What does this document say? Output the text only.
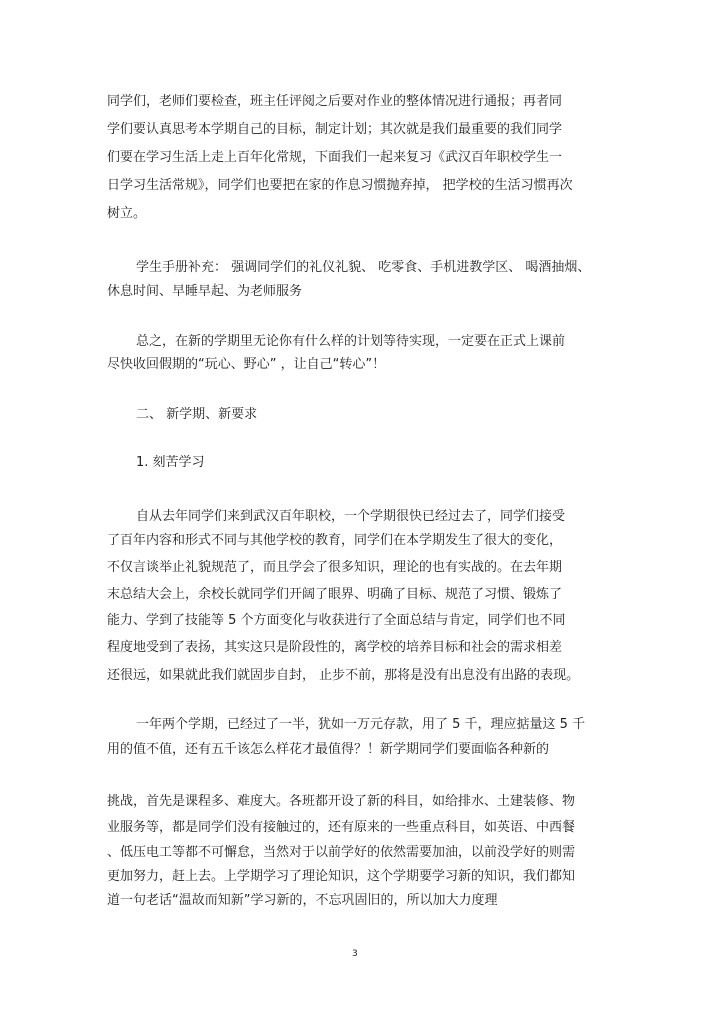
同学们，老师们要检查，班主任评阅之后要对作业的整体情况进行通报；再者同
学们要认真思考本学期自己的目标，制定计划；其次就是我们最重要的我们同学
们要在学习生活上走上百年化常规，下面我们一起来复习《武汉百年职校学生一
日学习生活常规》，同学们也要把在家的作息习惯抛弃掉， 把学校的生活习惯再次
树立。
学生手册补充： 强调同学们的礼仪礼貌、 吃零食、手机进教学区、 喝酒抽烟、
休息时间、早睡早起、为老师服务
总之，在新的学期里无论你有什么样的计划等待实现，一定要在正式上课前
尽快收回假期的“玩心、野心” ，让自己“转心”！
二、 新学期、新要求
1. 刻苦学习
自从去年同学们来到武汉百年职校，一个学期很快已经过去了，同学们接受
了百年内容和形式不同与其他学校的教育，同学们在本学期发生了很大的变化，
不仅言谈举止礼貌规范了，而且学会了很多知识，理论的也有实战的。在去年期
末总结大会上，余校长就同学们开阔了眼界、明确了目标、规范了习惯、锻炼了
能力、学到了技能等 5 个方面变化与收获进行了全面总结与肯定，同学们也不同
程度地受到了表扬，其实这只是阶段性的，离学校的培养目标和社会的需求相差
还很远，如果就此我们就固步自封， 止步不前，那将是没有出息没有出路的表现。
一年两个学期，已经过了一半，犹如一万元存款，用了 5 千，理应掂量这 5 千
用的值不值，还有五千该怎么样花才最值得？！新学期同学们要面临各种新的
挑战，首先是课程多、难度大。各班都开设了新的科目，如给排水、土建装修、物
业服务等，都是同学们没有接触过的，还有原来的一些重点科目，如英语、中西餐
、低压电工等都不可懈怠，当然对于以前学好的依然需要加油，以前没学好的则需
更加努力，赶上去。上学期学习了理论知识，这个学期要学习新的知识，我们都知
道一句老话“温故而知新”学习新的，不忘巩固旧的，所以加大力度理
3
